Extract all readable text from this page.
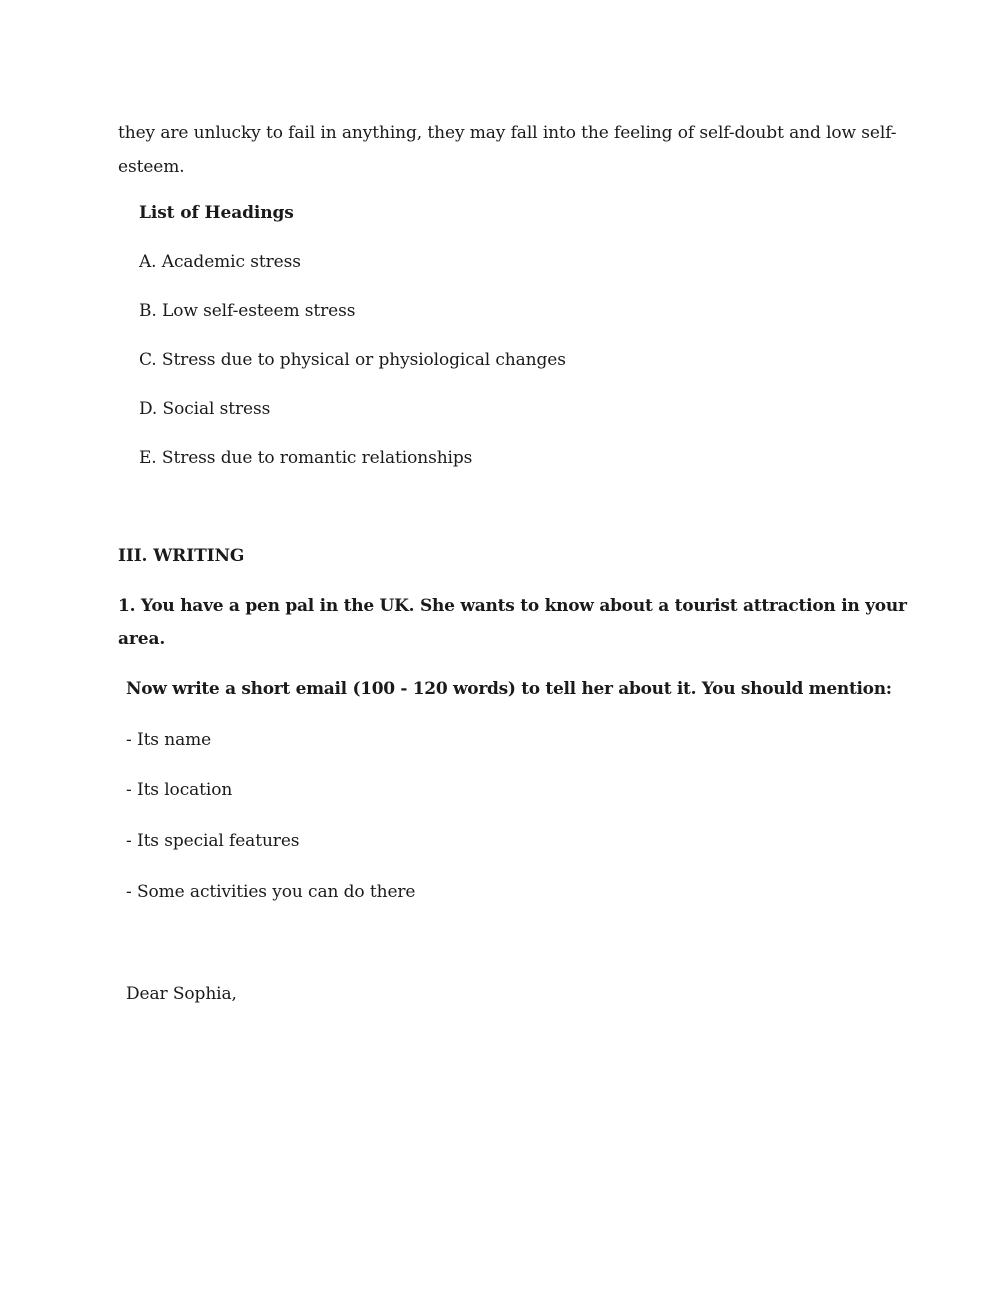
they are unlucky to fail in anything, they may fall into the feeling of self-doubt and low self-esteem.
List of Headings
A. Academic stress
B. Low self-esteem stress
C. Stress due to physical or physiological changes
D. Social stress
E. Stress due to romantic relationships
III. WRITING
1. You have a pen pal in the UK. She wants to know about a tourist attraction in your
area.
Now write a short email (100 - 120 words) to tell her about it. You should mention:
- Its name
- Its location
- Its special features
- Some activities you can do there
Dear Sophia,
